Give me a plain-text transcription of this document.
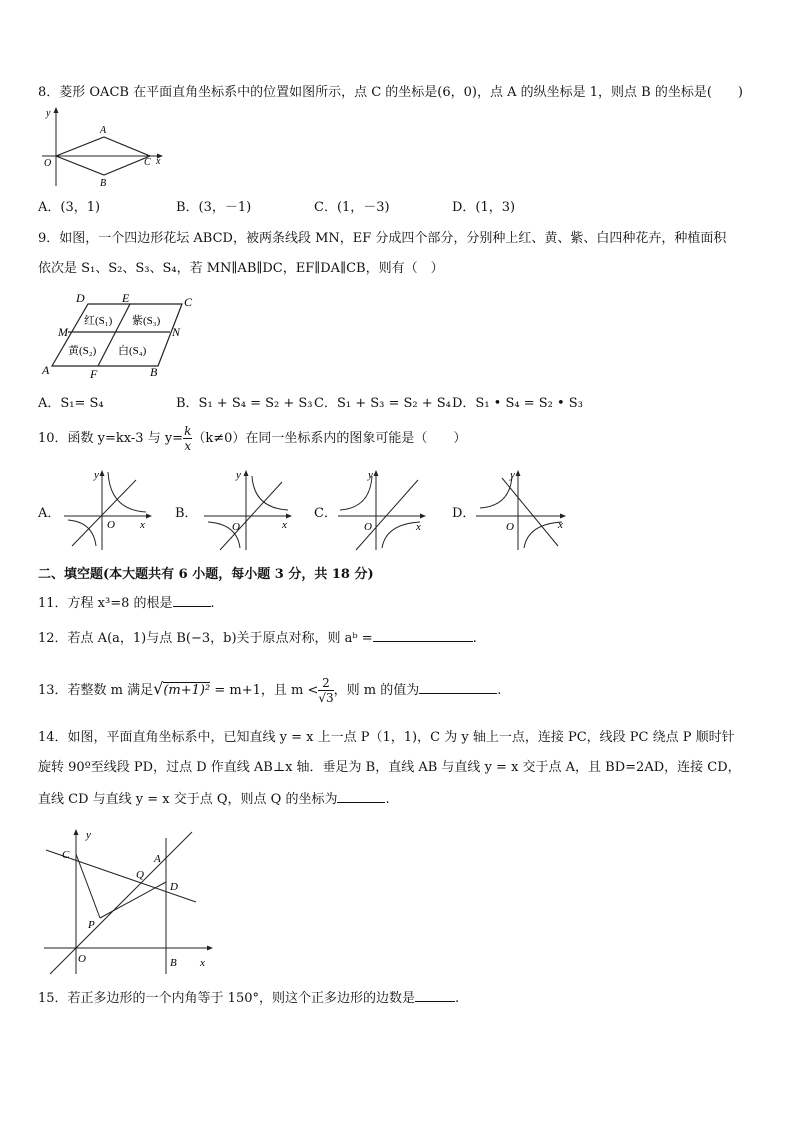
8．菱形 OACB 在平面直角坐标系中的位置如图所示，点 C 的坐标是(6，0)，点 A 的纵坐标是 1，则点 B 的坐标是(　　)
y
x
O
A
B
C
A．(3，1)	B．(3，－1)	C．(1，－3)	D．(1，3)
9．如图，一个四边形花坛 ABCD，被两条线段 MN，EF 分成四个部分，分别种上红、黄、紫、白四种花卉，种植面积
依次是 S₁、S₂、S₃、S₄，若 MN∥AB∥DC，EF∥DA∥CB，则有（　）
D	E	C
M	N
A	F	B
红(S₁) 紫(S₃)
黄(S₂) 白(S₄)
A．S₁= S₄	B．S₁ + S₄ = S₂ + S₃ C．S₁ + S₃ = S₂ + S₄ D．S₁ • S₄ = S₂ • S₃
10．函数 y=kx-3 与 $y= \frac{k}{x} (k\ne 0)$在同一坐标系内的图象可能是（　　）
A．
y
x
O
B．
y
x
O
C．
y
x
O
D．
y
x
O
二、填空题(本大题共有 6 小题，每小题 3 分，共 18 分)
11．方程 x³=8 的根是	.
12．若点 A(a，1)与点 B(−3，b)关于原点对称，则 aᵇ =	.
13．若整数 m 满足√(m+1)² = m+1，且 $m < \frac{2}{√3}$ ，则 m 的值为	.
14．如图，平面直角坐标系中，已知直线 y = x 上一点 P（1，1)，C 为 y 轴上一点，连接 PC，线段 PC 绕点 P 顺时针
旋转 90º至线段 PD，过点 D 作直线 AB⊥x 轴．垂足为 B，直线 AB 与直线 y = x 交于点 A，且 BD=2AD，连接 CD，
直线 CD 与直线 y = x 交于点 Q，则点 Q 的坐标为	.
y
x
C	A
Q
D
P
O	B
15．若正多边形的一个内角等于 150°，则这个正多边形的边数是	.
